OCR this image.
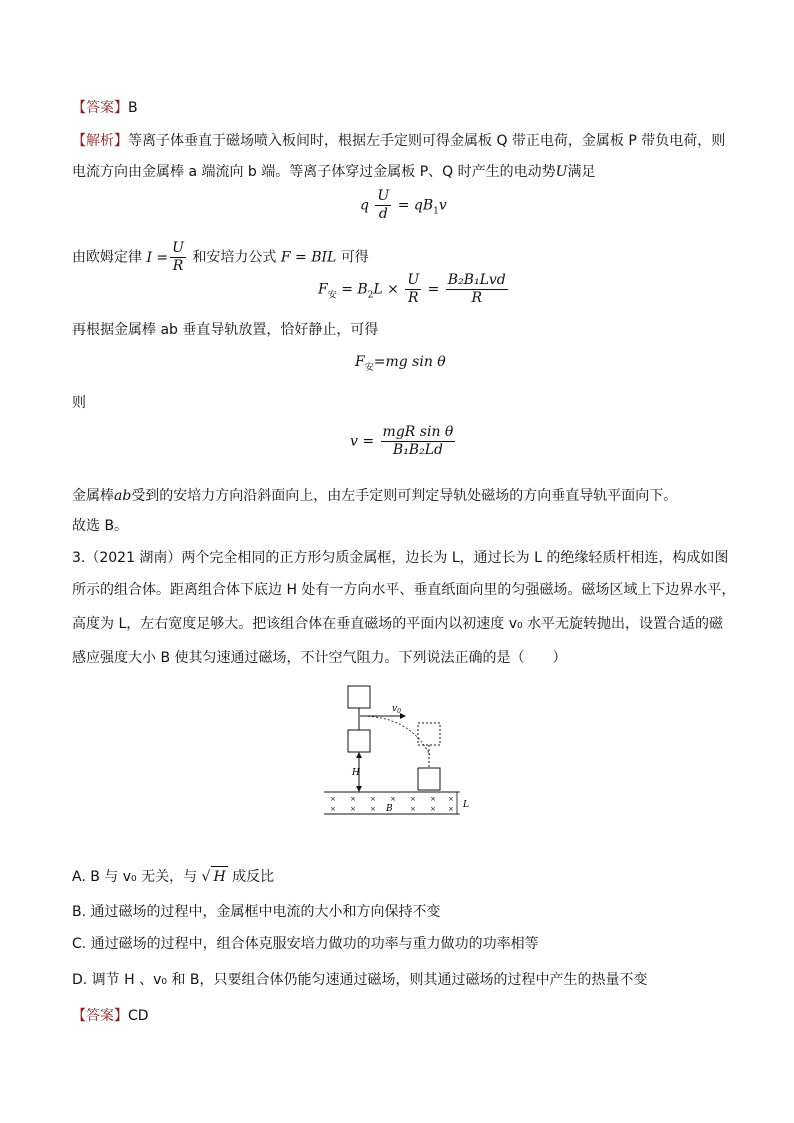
【答案】B
【解析】等离子体垂直于磁场喷入板间时，根据左手定则可得金属板 Q 带正电荷，金属板 P 带负电荷，则
电流方向由金属棒 a 端流向 b 端。等离子体穿过金属板 P、Q 时产生的电动势U满足
q $\frac{U}{d} = qB_1v$
由欧姆定律 $I = \frac{U}{R}$ 和安培力公式 F = BIL 可得
$F_安 = B_2L \times \frac{U}{R} = \frac{\text{B₂B₁Lvd}}{R}$
再根据金属棒 ab 垂直导轨放置，恰好静止，可得
$F_安=mg$ sin θ
则
$v = \frac{\text{mgR sin θ}}{\text{B₁B₂Ld}}$
金属棒ab受到的安培力方向沿斜面向上，由左手定则可判定导轨处磁场的方向垂直导轨平面向下。
故选 B。
3.（2021 湖南）两个完全相同的正方形匀质金属框，边长为 L，通过长为 L 的绝缘轻质杆相连，构成如图
所示的组合体。距离组合体下底边 H 处有一方向水平、垂直纸面向里的匀强磁场。磁场区域上下边界水平，
高度为 L，左右宽度足够大。把该组合体在垂直磁场的平面内以初速度 v₀ 水平无旋转抛出，设置合适的磁
感应强度大小 B 使其匀速通过磁场，不计空气阻力。下列说法正确的是（　　）
$v_0$
H
× × × × × × ×
× × ×	× × ×
B	L
A. B 与 v₀ 无关，与 √ H 成反比
B. 通过磁场的过程中，金属框中电流的大小和方向保持不变
C. 通过磁场的过程中，组合体克服安培力做功的功率与重力做功的功率相等
D. 调节 H 、v₀ 和 B，只要组合体仍能匀速通过磁场，则其通过磁场的过程中产生的热量不变
【答案】CD
